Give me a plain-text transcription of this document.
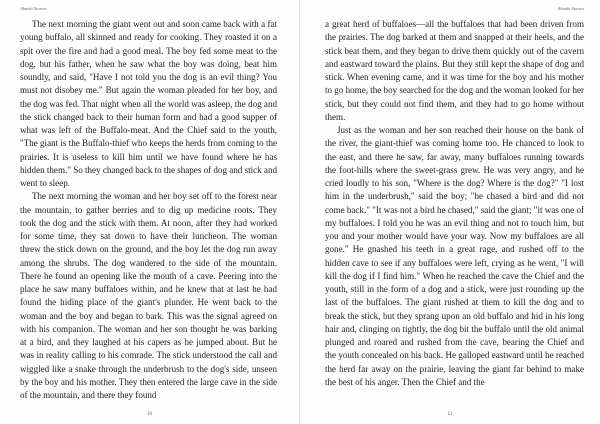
Abnaki Stories

The next morning the giant went out and soon came back with a fat young buffalo, all skinned and ready for cooking. They roasted it on a spit over the fire and had a good meal. The boy fed some meat to the dog, but his father, when he saw what the boy was doing, beat him soundly, and said, "Have I not told you the dog is an evil thing? You must not disobey me." But again the woman pleaded for her boy, and the dog was fed. That night when all the world was asleep, the dog and the stick changed back to their human form and had a good supper of what was left of the Buffalo-meat. And the Chief said to the youth, "The giant is the Buffalo-thief who keeps the herds from coming to the prairies. It is useless to kill him until we have found where he has hidden them." So they changed back to the shapes of dog and stick and went to sleep.

The next morning the woman and her boy set off to the forest near the mountain, to gather berries and to dig up medicine roots. They took the dog and the stick with them. At noon, after they had worked for some time, they sat down to have their luncheon. The woman threw the stick down on the ground, and the boy let the dog run away among the shrubs. The dog wandered to the side of the mountain. There he found an opening like the mouth of a cave. Peering into the place he saw many buffaloes within, and he knew that at last he had found the hiding place of the giant's plunder. He went back to the woman and the boy and began to bark. This was the signal agreed on with his companion. The woman and her son thought he was barking at a bird, and they laughed at his capers as he jumped about. But he was in reality calling to his comrade. The stick understood the call and wiggled like a snake through the underbrush to the dog's side, unseen by the boy and his mother. They then entered the large cave in the side of the mountain, and there they found

10
Abnaki Stories

a great herd of buffaloes—all the buffaloes that had been driven from the prairies. The dog barked at them and snapped at their heels, and the stick beat them, and they began to drive them quickly out of the cavern and eastward toward the plains. But they still kept the shape of dog and stick. When evening came, and it was time for the boy and his mother to go home, the boy searched for the dog and the woman looked for her stick, but they could not find them, and they had to go home without them.

Just as the woman and her son reached their house on the bank of the river, the giant-thief was coming home too. He chanced to look to the east, and there he saw, far away, many buffaloes running towards the foot-hills where the sweet-grass grew. He was very angry, and he cried loudly to his son, "Where is the dog? Where is the dog?" "I lost him in the underbrush," said the boy; "he chased a bird and did not come back." "It was not a bird he chased," said the giant; "it was one of my buffaloes. I told you he was an evil thing and not to touch him, but you and your mother would have your way. Now my buffaloes are all gone." He gnashed his teeth in a great rage, and rushed off to the hidden cave to see if any buffaloes were left, crying as he went, "I will kill the dog if I find him." When he reached the cave the Chief and the youth, still in the form of a dog and a stick, were just rounding up the last of the buffaloes. The giant rushed at them to kill the dog and to break the stick, but they sprang upon an old buffalo and hid in his long hair and, clinging on tightly, the dog bit the buffalo until the old animal plunged and roared and rushed from the cave, bearing the Chief and the youth concealed on his back. He galloped eastward until he reached the herd far away on the prairie, leaving the giant far behind to make the best of his anger. Then the Chief and the

11
